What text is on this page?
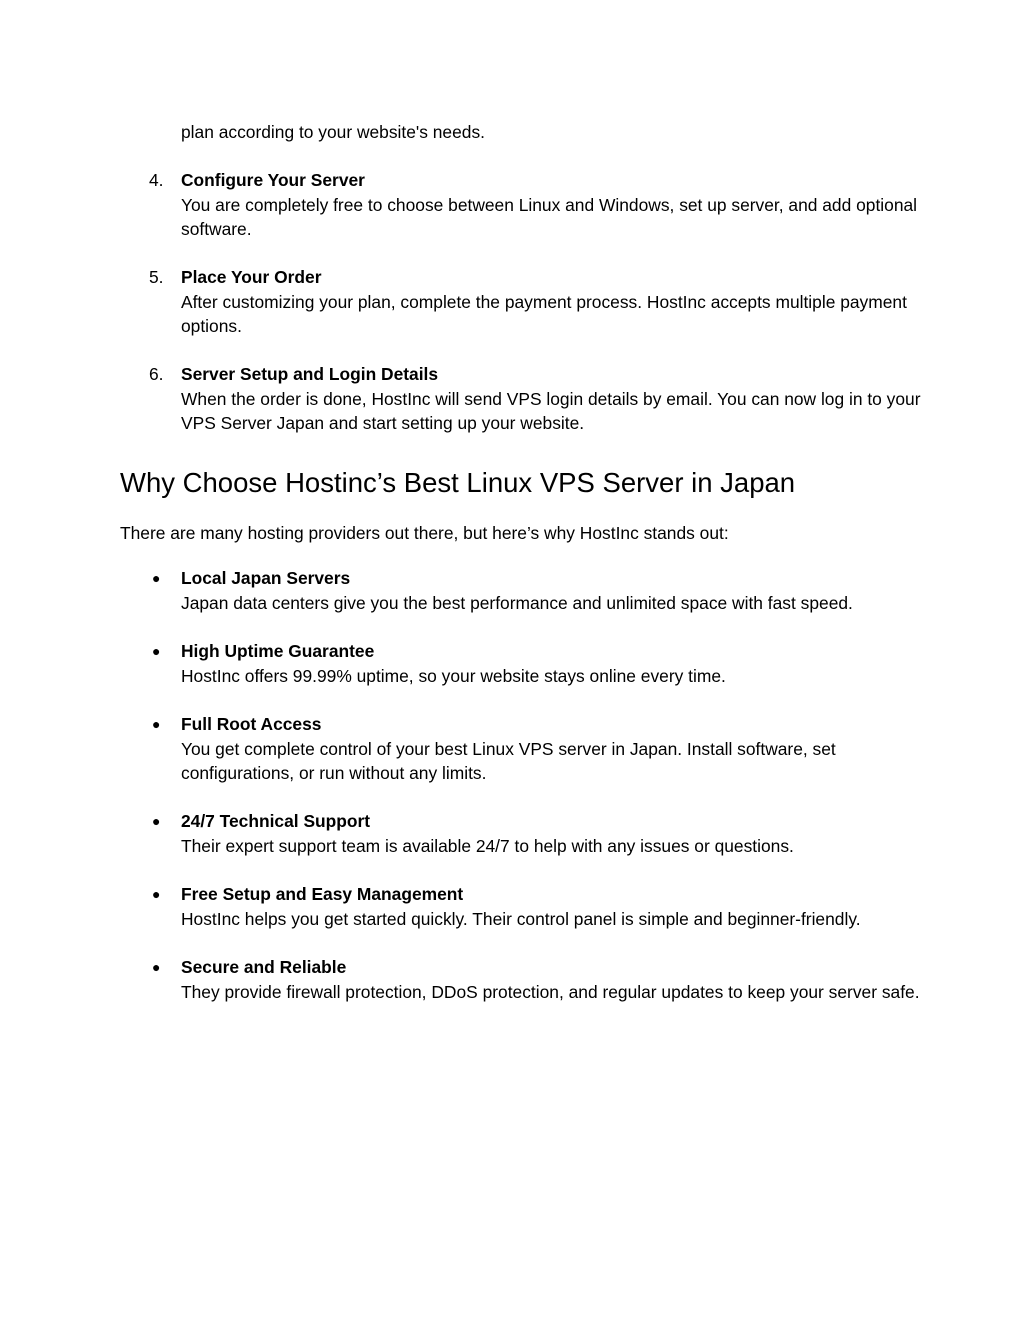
plan according to your website's needs.

4.	Configure Your Server
You are completely free to choose between Linux and Windows, set up server, and add optional software.
5.	Place Your Order
After customizing your plan, complete the payment process. HostInc accepts multiple payment options.
6.	Server Setup and Login Details
When the order is done, HostInc will send VPS login details by email. You can now log in to your VPS Server Japan and start setting up your website.
Why Choose Hostinc’s Best Linux VPS Server in Japan

There are many hosting providers out there, but here’s why HostInc stands out:

●	Local Japan Servers
Japan data centers give you the best performance and unlimited space with fast speed.
●	High Uptime Guarantee
HostInc offers 99.99% uptime, so your website stays online every time.
●	Full Root Access
You get complete control of your best Linux VPS server in Japan. Install software, set configurations, or run without any limits.
●	24/7 Technical Support
Their expert support team is available 24/7 to help with any issues or questions.
●	Free Setup and Easy Management
HostInc helps you get started quickly. Their control panel is simple and beginner-friendly.
●	Secure and Reliable
They provide firewall protection, DDoS protection, and regular updates to keep your server safe.
